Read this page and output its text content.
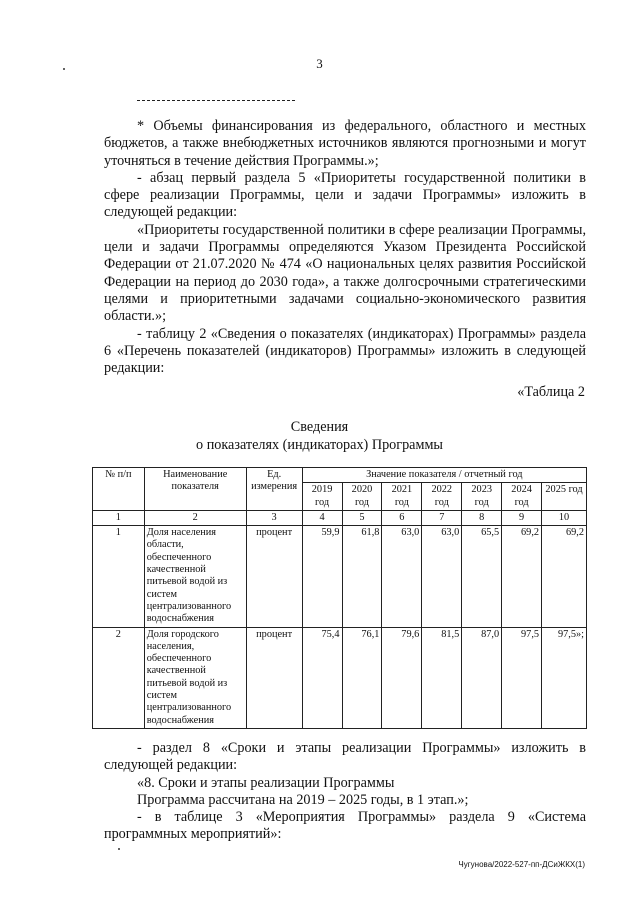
3

* Объемы финансирования из федерального, областного и местных бюджетов, а также внебюджетных источников являются прогнозными и могут уточняться в течение действия Программы.»;

- абзац первый раздела 5 «Приоритеты государственной политики в сфере реализации Программы, цели и задачи Программы» изложить в следующей редакции:

«Приоритеты государственной политики в сфере реализации Программы, цели и задачи Программы определяются Указом Президента Российской Федерации от 21.07.2020 № 474 «О национальных целях развития Российской Федерации на период до 2030 года», а также долгосрочными стратегическими целями и приоритетными задачами социально-экономического развития области.»;

- таблицу 2 «Сведения о показателях (индикаторах) Программы» раздела 6 «Перечень показателей (индикаторов) Программы» изложить в следующей редакции:

«Таблица 2
Сведения
о показателях (индикаторах) Программы
№ п/п	Наименование показателя	Ед. измерения	Значение показателя / отчетный год						
			2019 год	2020 год	2021 год	2022 год	2023 год	2024 год	2025 год
1	2	3	4	5	6	7	8	9	10
1	Доля населения области, обеспеченного качественной питьевой водой из систем централизованного водоснабжения	процент	59,9	61,8	63,0	63,0	65,5	69,2	69,2
2	Доля городского населения, обеспеченного качественной питьевой водой из систем централизованного водоснабжения	процент	75,4	76,1	79,6	81,5	87,0	97,5	97,5»;

- раздел 8 «Сроки и этапы реализации Программы» изложить в следующей редакции:

«8. Сроки и этапы реализации Программы

Программа рассчитана на 2019 – 2025 годы, в 1 этап.»;

- в таблице 3 «Мероприятия Программы» раздела 9 «Система программных мероприятий»:

Чугунова/2022-527-пп-ДСиЖКХ(1)
